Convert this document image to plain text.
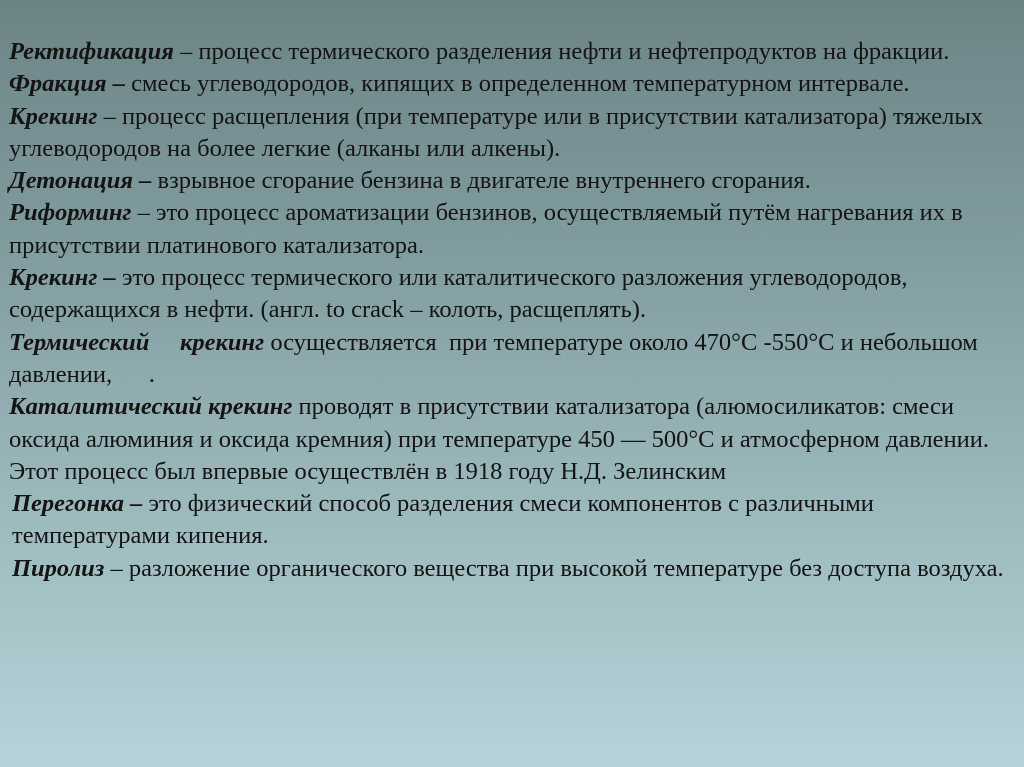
Ректификация – процесс термического разделения нефти и нефтепродуктов на фракции.

Фракция – смесь углеводородов, кипящих в определенном температурном интервале.

Крекинг – процесс расщепления (при температуре или в присутствии катализатора) тяжелых углеводородов на более легкие (алканы или алкены).

Детонация – взрывное сгорание бензина в двигателе внутреннего сгорания.

Риформинг – это процесс ароматизации бензинов, осуществляемый путём нагревания их в присутствии платинового катализатора.

Крекинг – это процесс термического или каталитического разложения углеводородов, содержащихся в нефти. (англ. to crack – колоть, расщеплять).

Термический     крекинг осуществляется  при температуре около 470°C -550°C и небольшом давлении,      .

Каталитический крекинг проводят в присутствии катализатора (алюмосиликатов: смеси оксида алюминия и оксида кремния) при температуре 450 — 500°C и атмосферном давлении. Этот процесс был впервые осуществлён в 1918 году Н.Д. Зелинским

Перегонка – это физический способ разделения смеси компонентов с различными температурами кипения.

Пиролиз – разложение органического вещества при высокой температуре без доступа воздуха.
